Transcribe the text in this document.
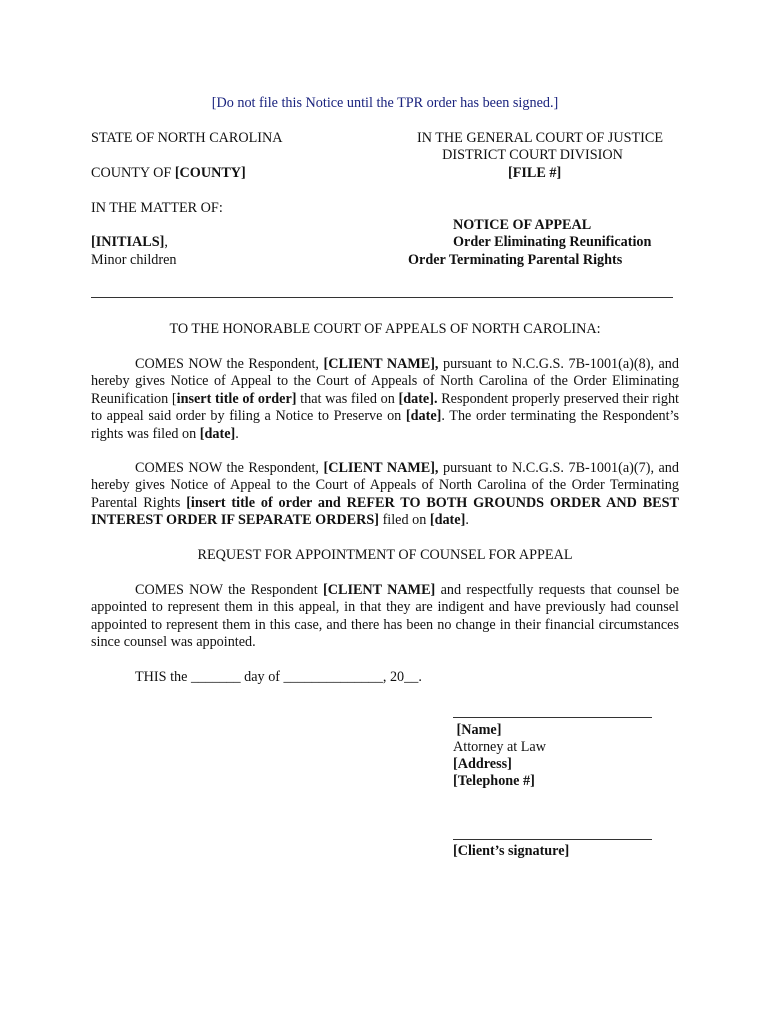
[Do not file this Notice until the TPR order has been signed.]

STATE OF NORTH CAROLINA	IN THE GENERAL COURT OF JUSTICE

DISTRICT COURT DIVISION

COUNTY OF [COUNTY]	[FILE #]

IN THE MATTER OF:

NOTICE OF APPEAL

[INITIALS],	Order Eliminating Reunification

Minor children	Order Terminating Parental Rights

TO THE HONORABLE COURT OF APPEALS OF NORTH CAROLINA:

COMES NOW the Respondent, [CLIENT NAME], pursuant to N.C.G.S. 7B-1001(a)(8), and hereby gives Notice of Appeal to the Court of Appeals of North Carolina of the Order Eliminating Reunification [insert title of order] that was filed on [date]. Respondent properly preserved their right to appeal said order by filing a Notice to Preserve on [date]. The order terminating the Respondent’s rights was filed on [date].

COMES NOW the Respondent, [CLIENT NAME], pursuant to N.C.G.S. 7B-1001(a)(7), and hereby gives Notice of Appeal to the Court of Appeals of North Carolina of the Order Terminating Parental Rights [insert title of order and REFER TO BOTH GROUNDS ORDER AND BEST INTEREST ORDER IF SEPARATE ORDERS] filed on [date].

REQUEST FOR APPOINTMENT OF COUNSEL FOR APPEAL

COMES NOW the Respondent [CLIENT NAME] and respectfully requests that counsel be appointed to represent them in this appeal, in that they are indigent and have previously had counsel appointed to represent them in this case, and there has been no change in their financial circumstances since counsel was appointed.

THIS the _______ day of ______________, 20__.

[Name]

Attorney at Law

[Address]

[Telephone #]

[Client’s signature]
